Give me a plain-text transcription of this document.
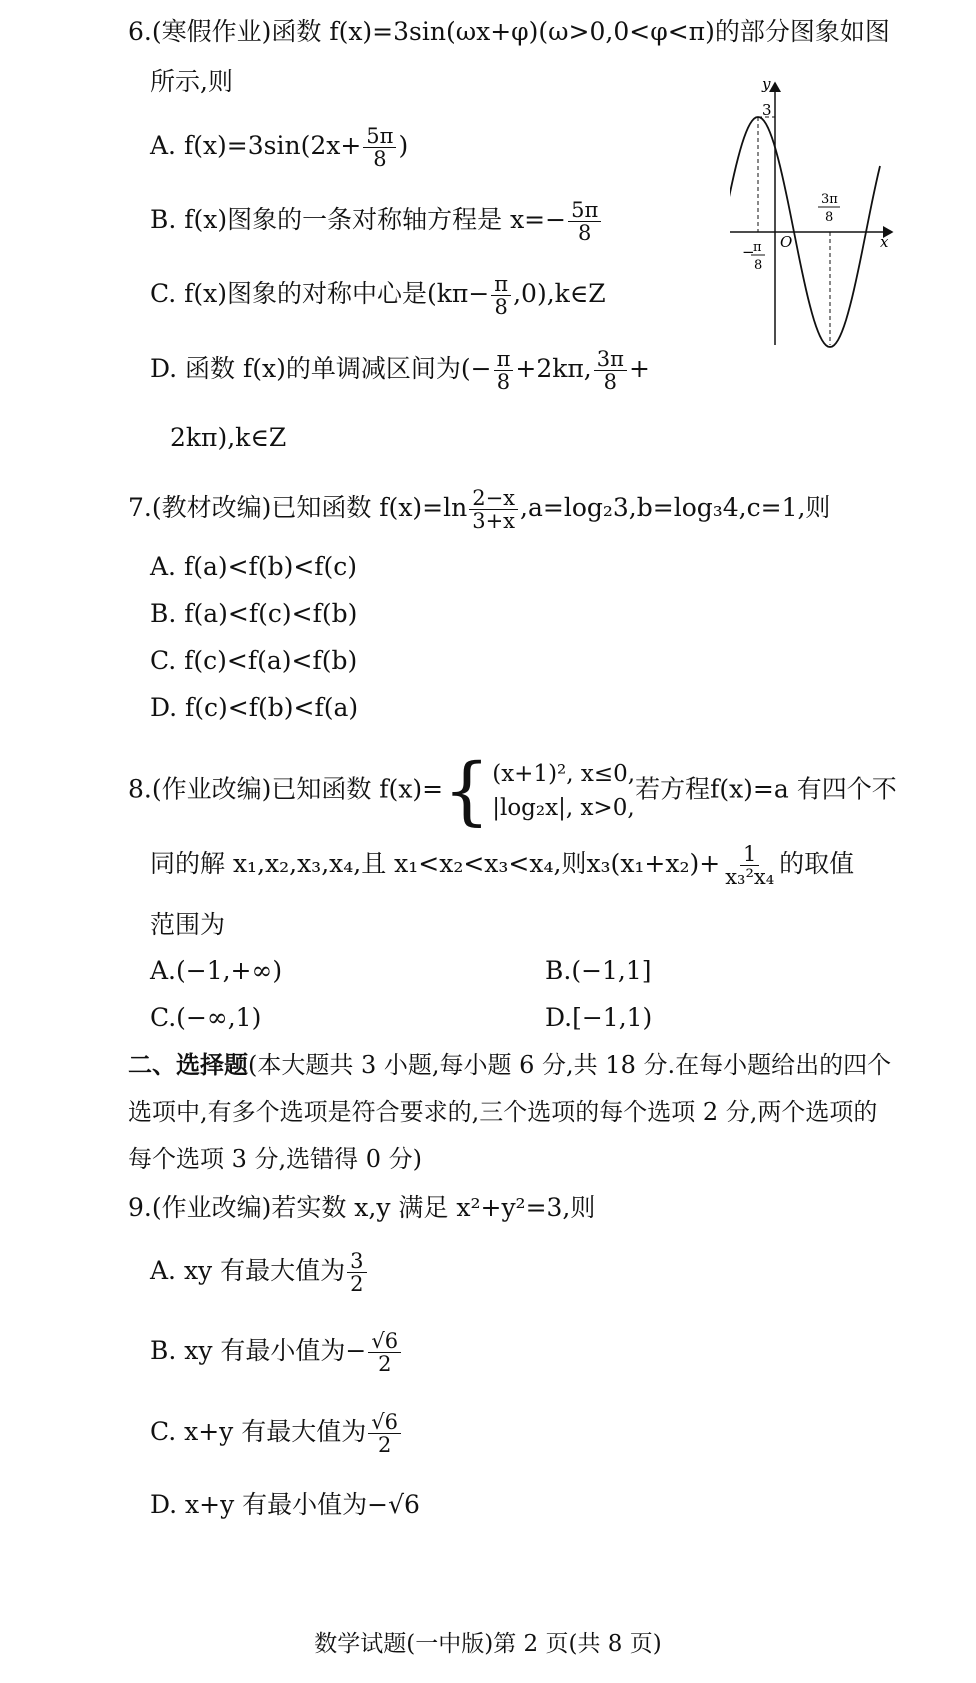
6.(寒假作业)函数 f(x)=3sin(ωx+φ)(ω>0,0<φ<π)的部分图象如图
所示,则
A. $f(x)=3\sin(2x+ \frac{5\pi}{8}$ )
B. f(x)图象的一条对称轴方程是 $x=- \frac{5\pi}{8}$
C. f(x)图象的对称中心是($k\pi- \frac{\pi}{8}$ ,0),k∈Z
D. 函数 f(x)的单调减区间为(− $\frac{\pi}{8} +2k\pi$, $\frac{3\pi}{8}$ +
2kπ),k∈Z
y
x
O
3
−
π
8
3π
8
7.(教材改编)已知函数 $f(x)=\ln \frac{2-x}{3+x} ,a=\log_23,b=\log_34,c=1$,则
A. f(a)<f(b)<f(c)
B. f(a)<f(c)<f(b)
C. f(c)<f(a)<f(b)
D. f(c)<f(b)<f(a)
8.(作业改编)已知函数 f(x)= { (x+1)², x≤0,
|log₂x|, x>0,
若方程f(x)=a 有四个不
同的解 x₁,x₂,x₃,x₄,且 x₁<x₂<x₃<x₄,则$x_3(x_1+x_2)+ \frac{1}{\text{x₃²x₄}}$ 的取值
范围为
A.(−1,+∞)	B.(−1,1]
C.(−∞,1)	D.[−1,1)
二、选择题(本大题共 3 小题,每小题 6 分,共 18 分.在每小题给出的四个
选项中,有多个选项是符合要求的,三个选项的每个选项 2 分,两个选项的
每个选项 3 分,选错得 0 分)
9.(作业改编)若实数 x,y 满足 x²+y²=3,则
A. xy 有最大值为 $\frac{3}{2}$
B. xy 有最小值为− $\frac{√6}{2}$
C. x+y 有最大值为 $\frac{√6}{2}$
D. x+y 有最小值为−√6
数学试题(一中版)第 2 页(共 8 页)
